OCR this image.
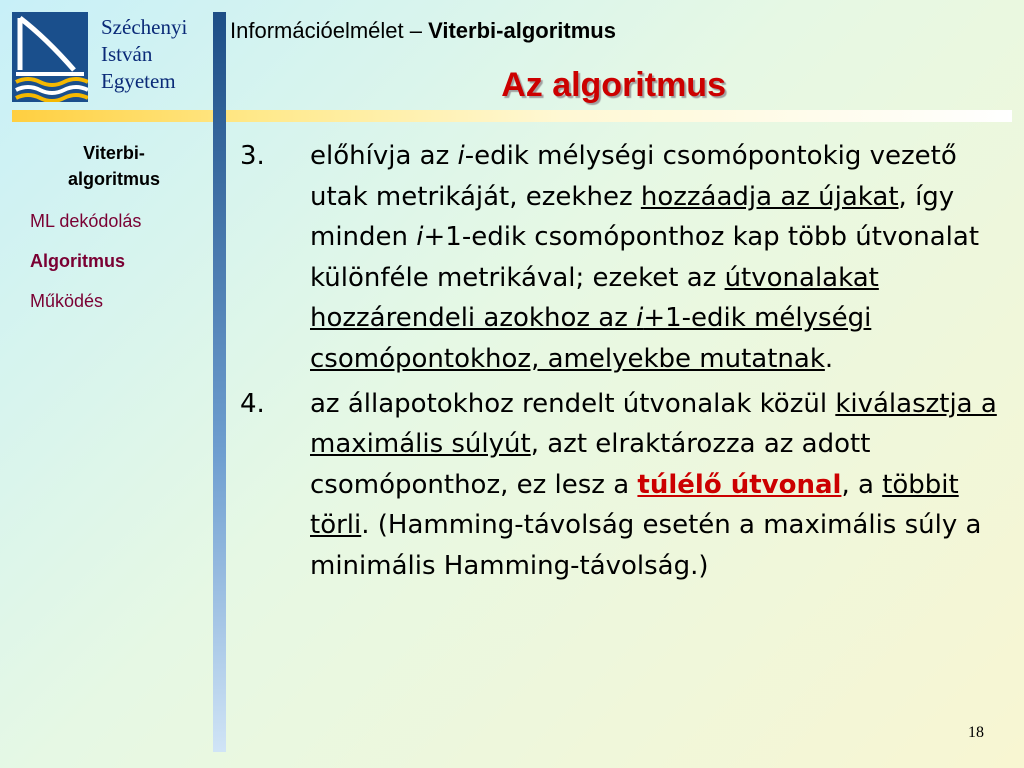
Széchenyi
István
Egyetem
Információelmélet – Viterbi-algoritmus
Az algoritmus
Viterbi-
algoritmus
ML dekódolás
Algoritmus
Működés
3.	előhívja az i-edik mélységi csomópontokig vezető utak metrikáját, ezekhez hozzáadja az újakat, így minden i+1-edik csomóponthoz kap több útvonalat különféle metrikával; ezeket az útvonalakat hozzárendeli azokhoz az i+1-edik mélységi csomópontokhoz, amelyekbe mutatnak.
4.	az állapotokhoz rendelt útvonalak közül kiválasztja a maximális súlyút, azt elraktározza az adott csomóponthoz, ez lesz a túlélő útvonal, a többit törli. (Hamming-távolság esetén a maximális súly a minimális Hamming-távolság.)
18
